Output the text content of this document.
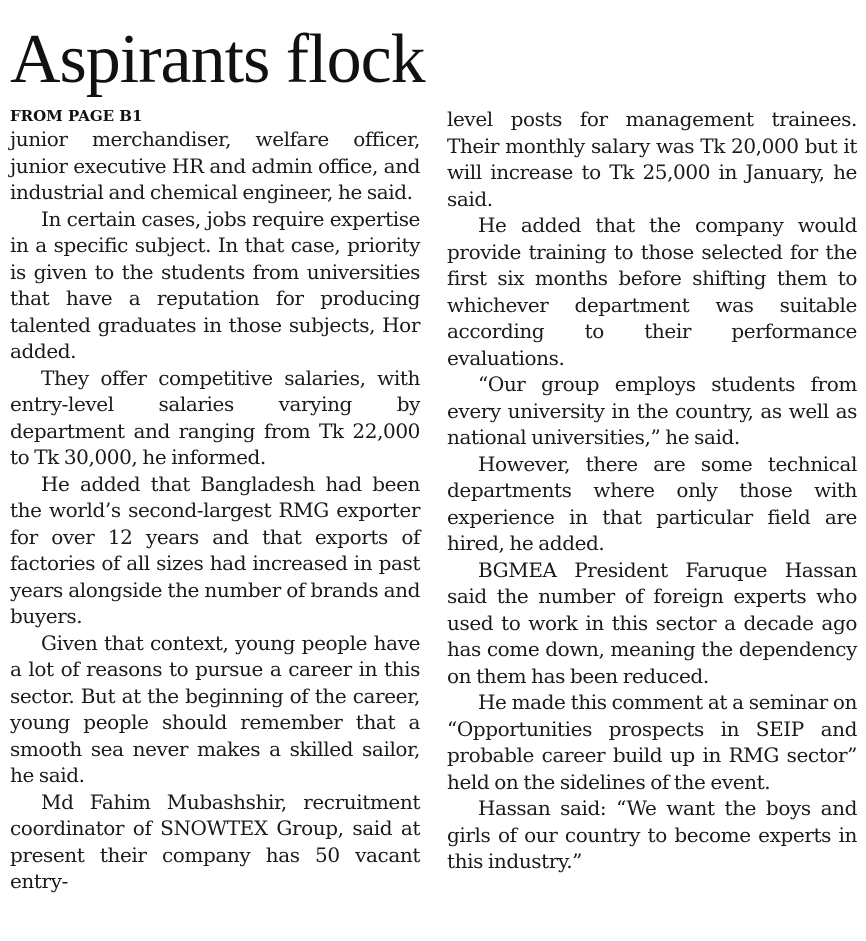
Aspirants flock

FROM PAGE B1

junior merchandiser, welfare officer, junior executive HR and admin office, and industrial and chemical engineer, he said.

In certain cases, jobs require expertise in a specific subject. In that case, priority is given to the students from universities that have a reputation for producing talented graduates in those subjects, Hor added.

They offer competitive salaries, with entry-level salaries varying by department and ranging from Tk 22,000 to Tk 30,000, he informed.

He added that Bangladesh had been the world’s second-largest RMG exporter for over 12 years and that exports of factories of all sizes had increased in past years alongside the number of brands and buyers.

Given that context, young people have a lot of reasons to pursue a career in this sector. But at the beginning of the career, young people should remember that a smooth sea never makes a skilled sailor, he said.

Md Fahim Mubashshir, recruitment coordinator of SNOWTEX Group, said at present their company has 50 vacant entry-

level posts for management trainees. Their monthly salary was Tk 20,000 but it will increase to Tk 25,000 in January, he said.

He added that the company would provide training to those selected for the first six months before shifting them to whichever department was suitable according to their performance evaluations.

“Our group employs students from every university in the country, as well as national universities,” he said.

However, there are some technical departments where only those with experience in that particular field are hired, he added.

BGMEA President Faruque Hassan said the number of foreign experts who used to work in this sector a decade ago has come down, meaning the dependency on them has been reduced.

He made this comment at a seminar on “Opportunities prospects in SEIP and probable career build up in RMG sector” held on the sidelines of the event.

Hassan said: “We want the boys and girls of our country to become experts in this industry.”
